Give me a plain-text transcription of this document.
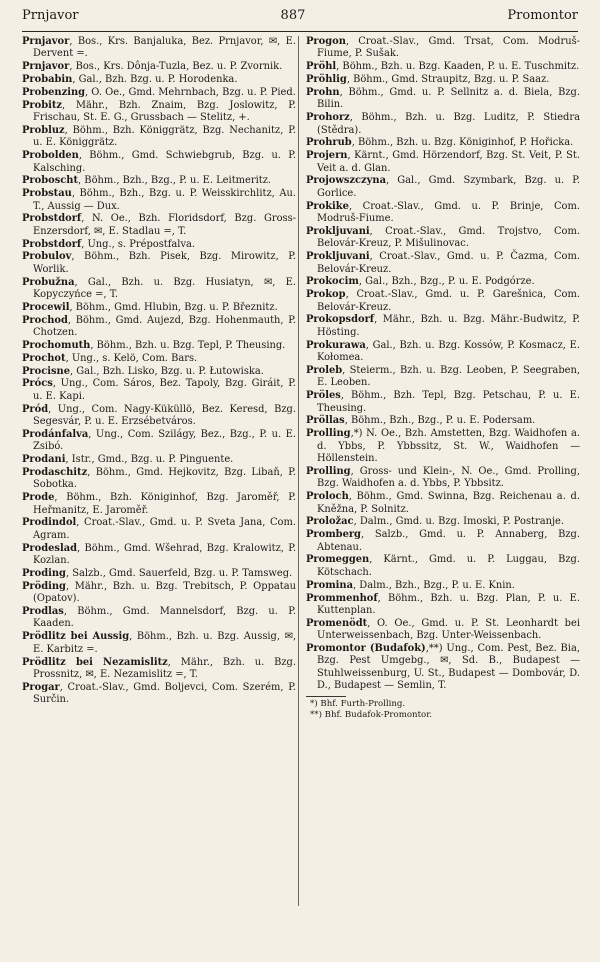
Prnjavor	887	Promontor

Prnjavor, Bos., Krs. Banjaluka, Bez. Prnjavor, ✉, E. Dervent =.

Prnjavor, Bos., Krs. Dônja-Tuzla, Bez. u. P. Zvornik.

Probabin, Gal., Bzh. Bzg. u. P. Horodenka.

Probenzing, O. Oe., Gmd. Mehrnbach, Bzg. u. P. Pied.

Probitz, Mähr., Bzh. Znaim, Bzg. Joslowitz, P. Frischau, St. E. G., Grussbach — Stelitz, +.

Probluz, Böhm., Bzh. Königgrätz, Bzg. Nechanitz, P. u. E. Königgrätz.

Probolden, Böhm., Gmd. Schwiebgrub, Bzg. u. P. Kalsching.

Proboscht, Böhm., Bzh., Bzg., P. u. E. Leitmeritz.

Probstau, Böhm., Bzh., Bzg. u. P. Weisskirchlitz, Au. T., Aussig — Dux.

Probstdorf, N. Oe., Bzh. Floridsdorf, Bzg. Gross-Enzersdorf, ✉, E. Stadlau =, T.

Probstdorf, Ung., s. Prépostfalva.

Probulov, Böhm., Bzh. Pisek, Bzg. Mirowitz, P. Worlik.

Probužna, Gal., Bzh. u. Bzg. Husiatyn, ✉, E. Kopyczyńce =, T.

Procewil, Böhm., Gmd. Hlubin, Bzg. u. P. Březnitz.

Prochod, Böhm., Gmd. Aujezd, Bzg. Hohenmauth, P. Chotzen.

Prochomuth, Böhm., Bzh. u. Bzg. Tepl, P. Theusing.

Prochot, Ung., s. Kelö, Com. Bars.

Procisne, Gal., Bzh. Lisko, Bzg. u. P. Łutowiska.

Prócs, Ung., Com. Sáros, Bez. Tapoly, Bzg. Giráit, P. u. E. Kapi.

Pród, Ung., Com. Nagy-Küküllö, Bez. Keresd, Bzg. Segesvár, P. u. E. Erzsébetváros.

Prodánfalva, Ung., Com. Szilágy, Bez., Bzg., P. u. E. Zsibó.

Prodani, Istr., Gmd., Bzg. u. P. Pinguente.

Prodaschitz, Böhm., Gmd. Hejkovitz, Bzg. Libaň, P. Sobotka.

Prode, Böhm., Bzh. Königinhof, Bzg. Jaroměř, P. Heřmanitz, E. Jaroměř.

Prodindol, Croat.-Slav., Gmd. u. P. Sveta Jana, Com. Agram.

Prodeslad, Böhm., Gmd. Wšehrad, Bzg. Kralowitz, P. Kozlan.

Proding, Salzb., Gmd. Sauerfeld, Bzg. u. P. Tamsweg.

Pröding, Mähr., Bzh. u. Bzg. Trebitsch, P. Oppatau (Opatov).

Prodlas, Böhm., Gmd. Mannelsdorf, Bzg. u. P. Kaaden.

Prödlitz bei Aussig, Böhm., Bzh. u. Bzg. Aussig, ✉, E. Karbitz =.

Prödlitz bei Nezamislitz, Mähr., Bzh. u. Bzg. Prossnitz, ✉, E. Nezamislitz =, T.

Progar, Croat.-Slav., Gmd. Boljevci, Com. Szerém, P. Surčin.

Progon, Croat.-Slav., Gmd. Trsat, Com. Modruš-Fiume, P. Sušak.

Pröhl, Böhm., Bzh. u. Bzg. Kaaden, P. u. E. Tuschmitz.

Pröhlig, Böhm., Gmd. Straupitz, Bzg. u. P. Saaz.

Prohn, Böhm., Gmd. u. P. Sellnitz a. d. Biela, Bzg. Bilin.

Prohorz, Böhm., Bzh. u. Bzg. Luditz, P. Stiedra (Stědra).

Prohrub, Böhm., Bzh. u. Bzg. Königinhof, P. Hořicka.

Projern, Kärnt., Gmd. Hörzendorf, Bzg. St. Veit, P. St. Veit a. d. Glan.

Projowszczyna, Gal., Gmd. Szymbark, Bzg. u. P. Gorlice.

Prokike, Croat.-Slav., Gmd. u. P. Brinje, Com. Modruš-Fiume.

Prokljuvani, Croat.-Slav., Gmd. Trojstvo, Com. Belovár-Kreuz, P. Mišulinovac.

Prokljuvani, Croat.-Slav., Gmd. u. P. Čazma, Com. Belovár-Kreuz.

Prokocim, Gal., Bzh., Bzg., P. u. E. Podgórze.

Prokop, Croat.-Slav., Gmd. u. P. Garešnica, Com. Belovár-Kreuz.

Prokopsdorf, Mähr., Bzh. u. Bzg. Mähr.-Budwitz, P. Hösting.

Prokurawa, Gal., Bzh. u. Bzg. Kossów, P. Kosmacz, E. Kołomea.

Proleb, Steierm., Bzh. u. Bzg. Leoben, P. Seegraben, E. Leoben.

Pröles, Böhm., Bzh. Tepl, Bzg. Petschau, P. u. E. Theusing.

Pröllas, Böhm., Bzh., Bzg., P. u. E. Podersam.

Prolling,*) N. Oe., Bzh. Amstetten, Bzg. Waidhofen a. d. Ybbs, P. Ybbssitz, St. W., Waidhofen — Höllenstein.

Prolling, Gross- und Klein-, N. Oe., Gmd. Prolling, Bzg. Waidhofen a. d. Ybbs, P. Ybbsitz.

Proloch, Böhm., Gmd. Swinna, Bzg. Reichenau a. d. Kněžna, P. Solnitz.

Proložac, Dalm., Gmd. u. Bzg. Imoski, P. Postranje.

Promberg, Salzb., Gmd. u. P. Annaberg, Bzg. Abtenau.

Promeggen, Kärnt., Gmd. u. P. Luggau, Bzg. Kötschach.

Promina, Dalm., Bzh., Bzg., P. u. E. Knin.

Prommenhof, Böhm., Bzh. u. Bzg. Plan, P. u. E. Kuttenplan.

Promenödt, O. Oe., Gmd. u. P. St. Leonhardt bei Unterweissenbach, Bzg. Unter-Weissenbach.

Promontor (Budafok),**) Ung., Com. Pest, Bez. Bia, Bzg. Pest Umgebg., ✉, Sd. B., Budapest — Stuhlweissenburg, U. St., Budapest — Dombovár, D. D., Budapest — Semlin, T.

*) Bhf. Furth-Prolling.
**) Bhf. Budafok-Promontor.
